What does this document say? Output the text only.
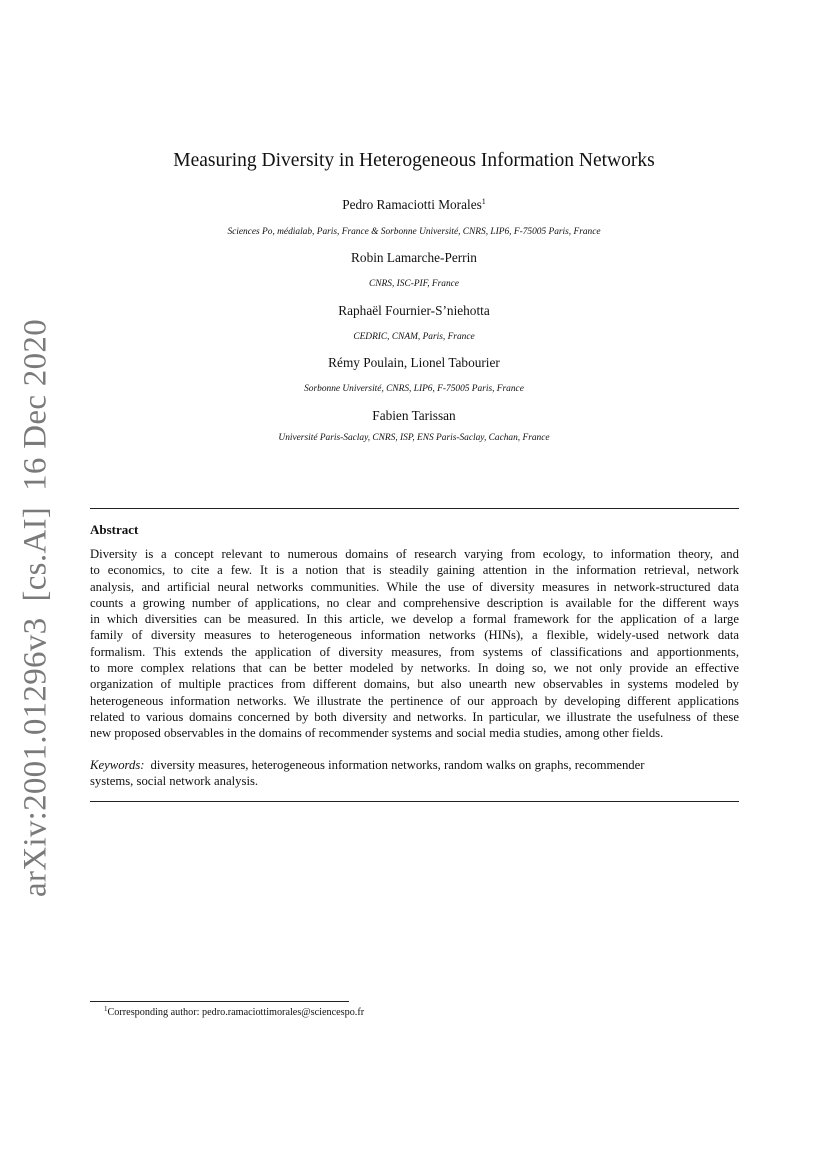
arXiv:2001.01296v3[cs.AI]16 Dec 2020
Measuring Diversity in Heterogeneous Information Networks
Pedro Ramaciotti Morales$^1$
Sciences Po, médialab, Paris, France & Sorbonne Université, CNRS, LIP6, F-75005 Paris, France
Robin Lamarche-Perrin
CNRS, ISC-PIF, France
Raphaël Fournier-S’niehotta
CEDRIC, CNAM, Paris, France
Rémy Poulain, Lionel Tabourier
Sorbonne Université, CNRS, LIP6, F-75005 Paris, France
Fabien Tarissan
Université Paris-Saclay, CNRS, ISP, ENS Paris-Saclay, Cachan, France
Abstract
Diversity is a concept relevant to numerous domains of research varying from ecology, to information theory, and
to economics, to cite a few. It is a notion that is steadily gaining attention in the information retrieval, network
analysis, and artificial neural networks communities. While the use of diversity measures in network-structured data
counts a growing number of applications, no clear and comprehensive description is available for the different ways
in which diversities can be measured. In this article, we develop a formal framework for the application of a large
family of diversity measures to heterogeneous information networks (HINs), a flexible, widely-used network data
formalism. This extends the application of diversity measures, from systems of classifications and apportionments,
to more complex relations that can be better modeled by networks. In doing so, we not only provide an effective
organization of multiple practices from different domains, but also unearth new observables in systems modeled by
heterogeneous information networks. We illustrate the pertinence of our approach by developing different applications
related to various domains concerned by both diversity and networks. In particular, we illustrate the usefulness of these
new proposed observables in the domains of recommender systems and social media studies, among other fields.
Keywords: diversity measures, heterogeneous information networks, random walks on graphs, recommender
systems, social network analysis.
$^1$Corresponding author: pedro.ramaciottimorales@sciencespo.fr
